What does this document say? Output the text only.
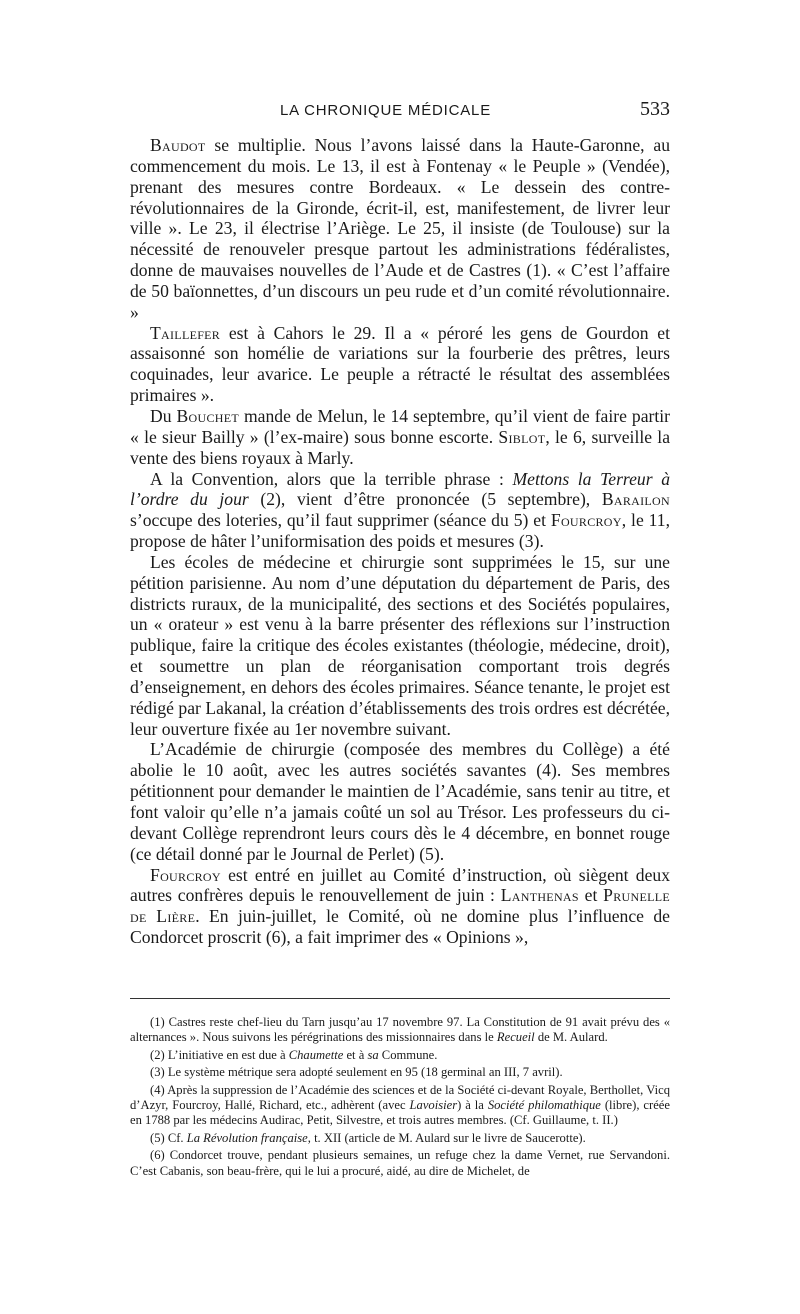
LA CHRONIQUE MÉDICALE	533

Baudot se multiplie. Nous l’avons laissé dans la Haute-Garonne, au commencement du mois. Le 13, il est à Fontenay « le Peuple » (Vendée), prenant des mesures contre Bordeaux. « Le dessein des contre-révolutionnaires de la Gironde, écrit-il, est, manifestement, de livrer leur ville ». Le 23, il électrise l’Ariège. Le 25, il insiste (de Toulouse) sur la nécessité de renouveler presque partout les administrations fédéralistes, donne de mauvaises nouvelles de l’Aude et de Castres (1). « C’est l’affaire de 50 baïonnettes, d’un discours un peu rude et d’un comité révolutionnaire. »

Taillefer est à Cahors le 29. Il a « péroré les gens de Gourdon et assaisonné son homélie de variations sur la fourberie des prêtres, leurs coquinades, leur avarice. Le peuple a rétracté le résultat des assemblées primaires ».

Du Bouchet mande de Melun, le 14 septembre, qu’il vient de faire partir « le sieur Bailly » (l’ex-maire) sous bonne escorte. Siblot, le 6, surveille la vente des biens royaux à Marly.

A la Convention, alors que la terrible phrase : Mettons la Terreur à l’ordre du jour (2), vient d’être prononcée (5 septembre), Barailon s’occupe des loteries, qu’il faut supprimer (séance du 5) et Fourcroy, le 11, propose de hâter l’uniformisation des poids et mesures (3).

Les écoles de médecine et chirurgie sont supprimées le 15, sur une pétition parisienne. Au nom d’une députation du département de Paris, des districts ruraux, de la municipalité, des sections et des Sociétés populaires, un « orateur » est venu à la barre présenter des réflexions sur l’instruction publique, faire la critique des écoles existantes (théologie, médecine, droit), et soumettre un plan de réorganisation comportant trois degrés d’enseignement, en dehors des écoles primaires. Séance tenante, le projet est rédigé par Lakanal, la création d’établissements des trois ordres est décrétée, leur ouverture fixée au 1er novembre suivant.

L’Académie de chirurgie (composée des membres du Collège) a été abolie le 10 août, avec les autres sociétés savantes (4). Ses membres pétitionnent pour demander le maintien de l’Académie, sans tenir au titre, et font valoir qu’elle n’a jamais coûté un sol au Trésor. Les professeurs du ci-devant Collège reprendront leurs cours dès le 4 décembre, en bonnet rouge (ce détail donné par le Journal de Perlet) (5).

Fourcroy est entré en juillet au Comité d’instruction, où siègent deux autres confrères depuis le renouvellement de juin : Lanthenas et Prunelle de Lière. En juin-juillet, le Comité, où ne domine plus l’influence de Condorcet proscrit (6), a fait imprimer des « Opinions »,

(1) Castres reste chef-lieu du Tarn jusqu’au 17 novembre 97. La Constitution de 91 avait prévu des « alternances ». Nous suivons les pérégrinations des missionnaires dans le Recueil de M. Aulard.

(2) L’initiative en est due à Chaumette et à sa Commune.

(3) Le système métrique sera adopté seulement en 95 (18 germinal an III, 7 avril).

(4) Après la suppression de l’Académie des sciences et de la Société ci-devant Royale, Berthollet, Vicq d’Azyr, Fourcroy, Hallé, Richard, etc., adhèrent (avec Lavoisier) à la Société philomathique (libre), créée en 1788 par les médecins Audirac, Petit, Silvestre, et trois autres membres. (Cf. Guillaume, t. II.)

(5) Cf. La Révolution française, t. XII (article de M. Aulard sur le livre de Saucerotte).

(6) Condorcet trouve, pendant plusieurs semaines, un refuge chez la dame Vernet, rue Servandoni. C’est Cabanis, son beau-frère, qui le lui a procuré, aidé, au dire de Michelet, de
